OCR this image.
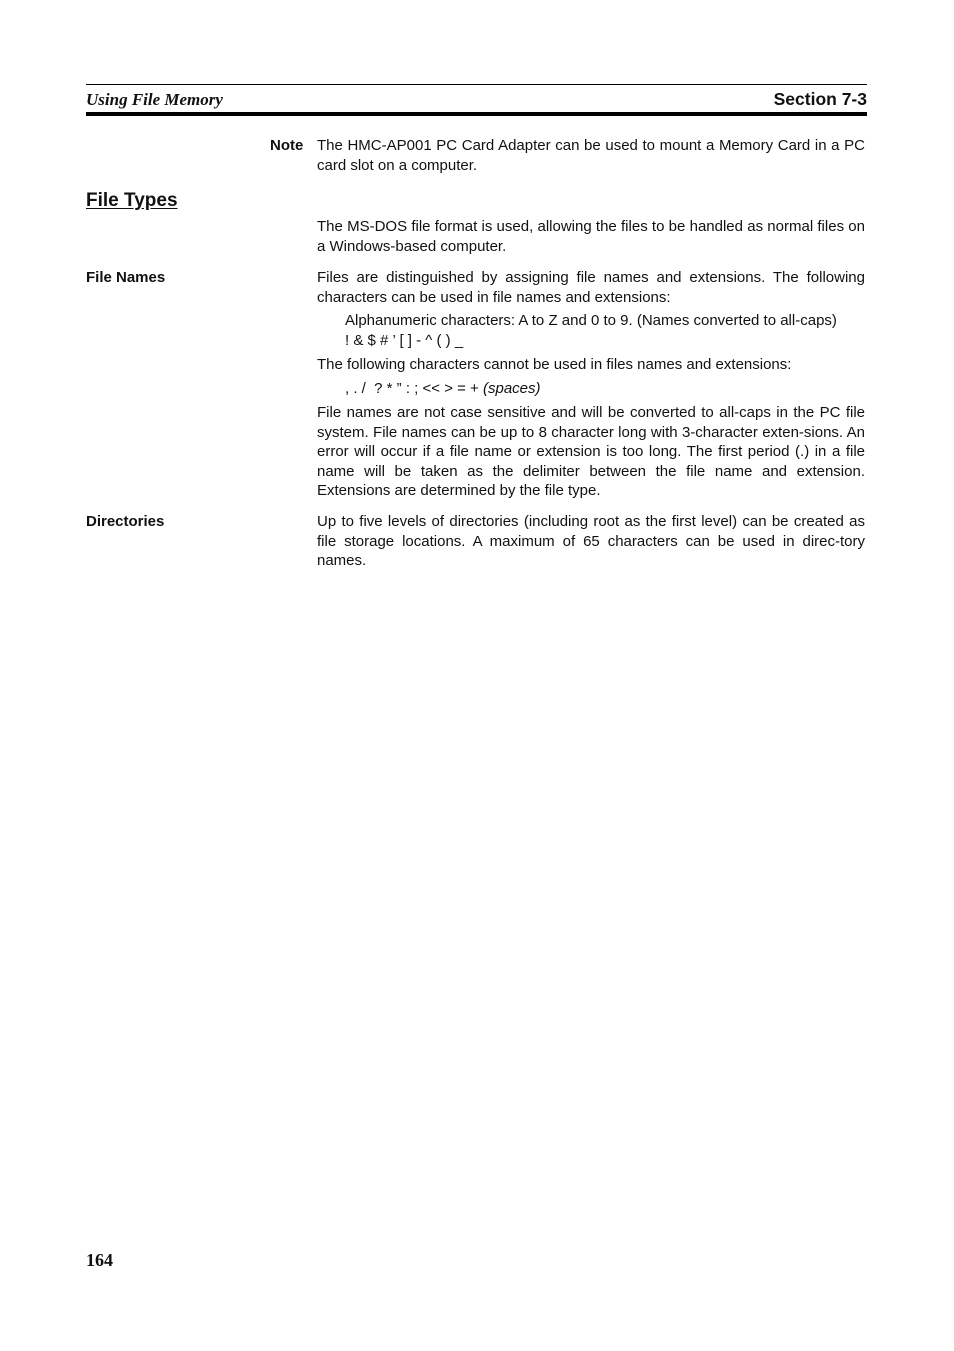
Using File Memory	Section 7-3
Note The HMC-AP001 PC Card Adapter can be used to mount a Memory Card in a PC card slot on a computer.
File Types
The MS-DOS file format is used, allowing the files to be handled as normal files on a Windows-based computer.
File Names	Files are distinguished by assigning file names and extensions. The following characters can be used in file names and extensions:
Alphanumeric characters: A to Z and 0 to 9. (Names converted to all-caps)
! & $ # ’ [ ] - ^ ( ) _
The following characters cannot be used in files names and extensions:
, . /  ? * ” : ; << > = + (spaces)
File names are not case sensitive and will be converted to all-caps in the PC file system. File names can be up to 8 character long with 3-character exten-sions. An error will occur if a file name or extension is too long. The first period (.) in a file name will be taken as the delimiter between the file name and extension. Extensions are determined by the file type.
Directories	Up to five levels of directories (including root as the first level) can be created as file storage locations. A maximum of 65 characters can be used in direc-tory names.
164
